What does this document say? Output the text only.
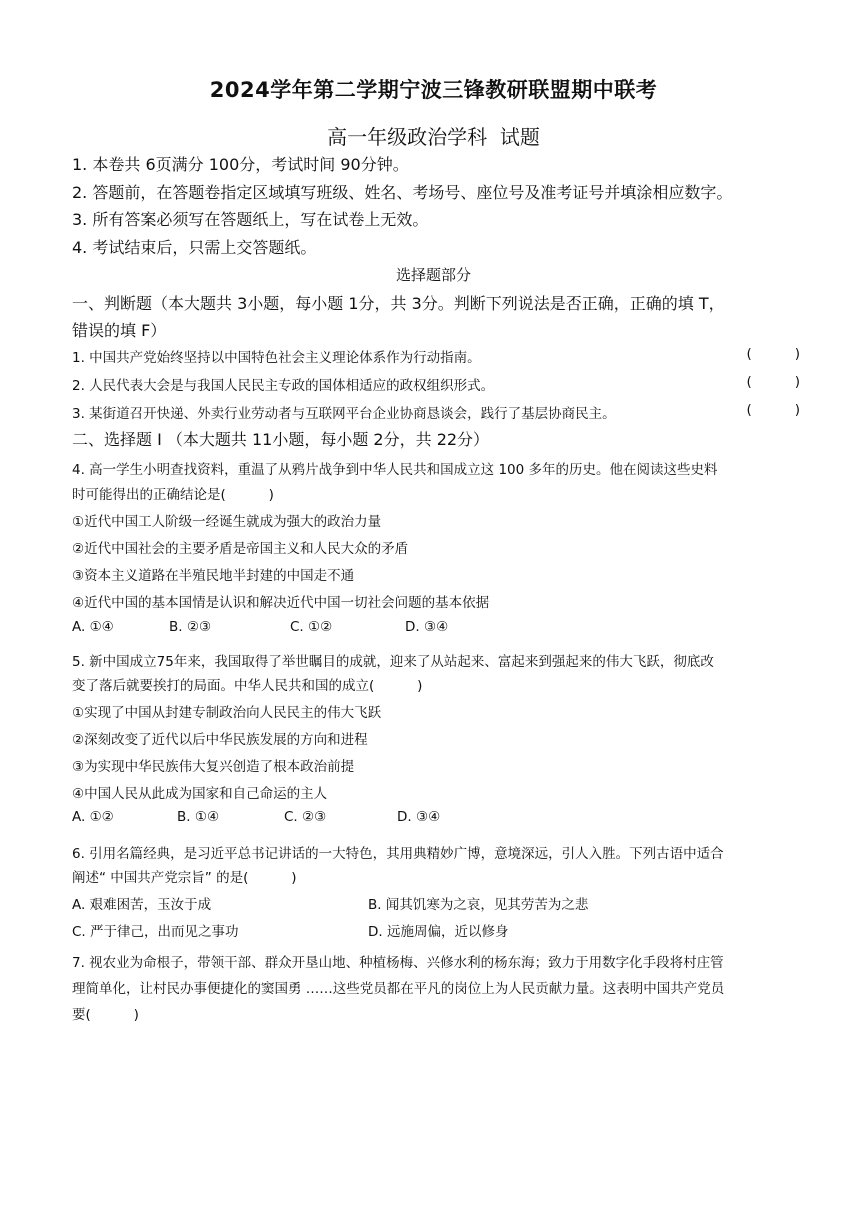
2024学年第二学期宁波三锋教研联盟期中联考
高一年级政治学科  试题
1. 本卷共 6页满分 100分，考试时间 90分钟。
2. 答题前，在答题卷指定区域填写班级、姓名、考场号、座位号及准考证号并填涂相应数字。
3. 所有答案必须写在答题纸上，写在试卷上无效。
4. 考试结束后，只需上交答题纸。
选择题部分
一、判断题（本大题共 3小题，每小题 1分，共 3分。判断下列说法是否正确，正确的填 T，
错误的填 F）
1. 中国共产党始终坚持以中国特色社会主义理论体系作为行动指南。	(          )
2. 人民代表大会是与我国人民民主专政的国体相适应的政权组织形式。	(          )
3. 某街道召开快递、外卖行业劳动者与互联网平台企业协商恳谈会，践行了基层协商民主。	(          )
二、选择题 I （本大题共 11小题，每小题 2分，共 22分）
4. 高一学生小明查找资料，重温了从鸦片战争到中华人民共和国成立这 100 多年的历史。他在阅读这些史料
时可能得出的正确结论是(          )
①近代中国工人阶级一经诞生就成为强大的政治力量
②近代中国社会的主要矛盾是帝国主义和人民大众的矛盾
③资本主义道路在半殖民地半封建的中国走不通
④近代中国的基本国情是认识和解决近代中国一切社会问题的基本依据
A. ①④	B. ②③	C. ①②	D. ③④
5. 新中国成立75年来，我国取得了举世瞩目的成就，迎来了从站起来、富起来到强起来的伟大飞跃，彻底改
变了落后就要挨打的局面。中华人民共和国的成立(          )
①实现了中国从封建专制政治向人民民主的伟大飞跃
②深刻改变了近代以后中华民族发展的方向和进程
③为实现中华民族伟大复兴创造了根本政治前提
④中国人民从此成为国家和自己命运的主人
A. ①②	B. ①④	C. ②③	D. ③④
6. 引用名篇经典，是习近平总书记讲话的一大特色，其用典精妙广博，意境深远，引人入胜。下列古语中适合
阐述“ 中国共产党宗旨” 的是(          )
A. 艰难困苦，玉汝于成	B. 闻其饥寒为之哀，见其劳苦为之悲
C. 严于律己，出而见之事功	D. 远施周偏，近以修身
7. 视农业为命根子，带领干部、群众开垦山地、种植杨梅、兴修水利的杨东海；致力于用数字化手段将村庄管
理简单化，让村民办事便捷化的窦国勇 ……这些党员都在平凡的岗位上为人民贡献力量。这表明中国共产党员
要(          )
